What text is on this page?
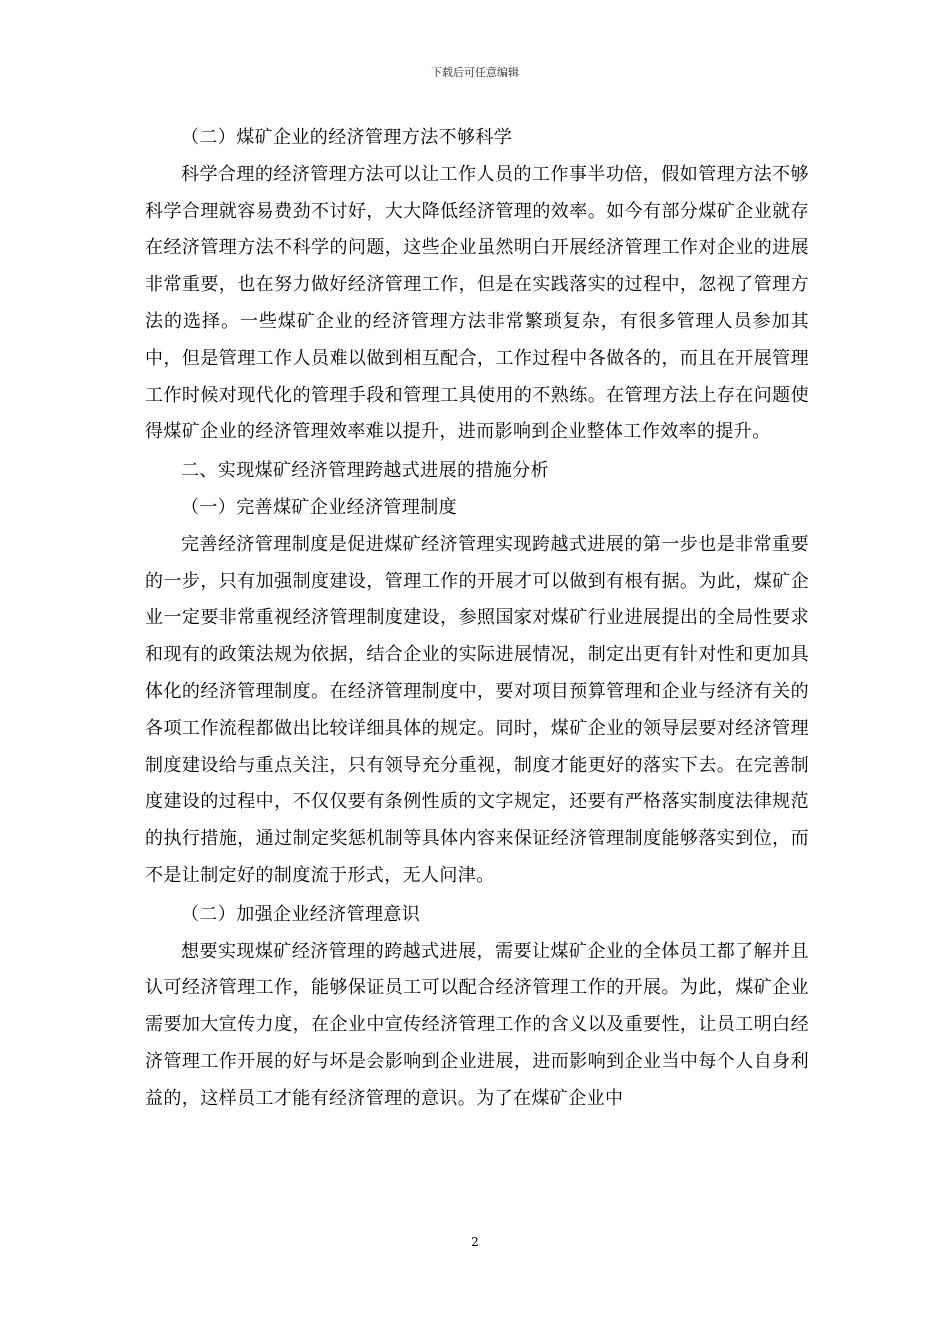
下载后可任意编辑

（二）煤矿企业的经济管理方法不够科学

科学合理的经济管理方法可以让工作人员的工作事半功倍，假如管理方法不够科学合理就容易费劲不讨好，大大降低经济管理的效率。如今有部分煤矿企业就存在经济管理方法不科学的问题，这些企业虽然明白开展经济管理工作对企业的进展非常重要，也在努力做好经济管理工作，但是在实践落实的过程中，忽视了管理方法的选择。一些煤矿企业的经济管理方法非常繁琐复杂，有很多管理人员参加其中，但是管理工作人员难以做到相互配合，工作过程中各做各的，而且在开展管理工作时候对现代化的管理手段和管理工具使用的不熟练。在管理方法上存在问题使得煤矿企业的经济管理效率难以提升，进而影响到企业整体工作效率的提升。

二、实现煤矿经济管理跨越式进展的措施分析

（一）完善煤矿企业经济管理制度

完善经济管理制度是促进煤矿经济管理实现跨越式进展的第一步也是非常重要的一步，只有加强制度建设，管理工作的开展才可以做到有根有据。为此，煤矿企业一定要非常重视经济管理制度建设，参照国家对煤矿行业进展提出的全局性要求和现有的政策法规为依据，结合企业的实际进展情况，制定出更有针对性和更加具体化的经济管理制度。在经济管理制度中，要对项目预算管理和企业与经济有关的各项工作流程都做出比较详细具体的规定。同时，煤矿企业的领导层要对经济管理制度建设给与重点关注，只有领导充分重视，制度才能更好的落实下去。在完善制度建设的过程中，不仅仅要有条例性质的文字规定，还要有严格落实制度法律规范的执行措施，通过制定奖惩机制等具体内容来保证经济管理制度能够落实到位，而不是让制定好的制度流于形式，无人问津。

（二）加强企业经济管理意识

想要实现煤矿经济管理的跨越式进展，需要让煤矿企业的全体员工都了解并且认可经济管理工作，能够保证员工可以配合经济管理工作的开展。为此，煤矿企业需要加大宣传力度，在企业中宣传经济管理工作的含义以及重要性，让员工明白经济管理工作开展的好与坏是会影响到企业进展，进而影响到企业当中每个人自身利益的，这样员工才能有经济管理的意识。为了在煤矿企业中

2
